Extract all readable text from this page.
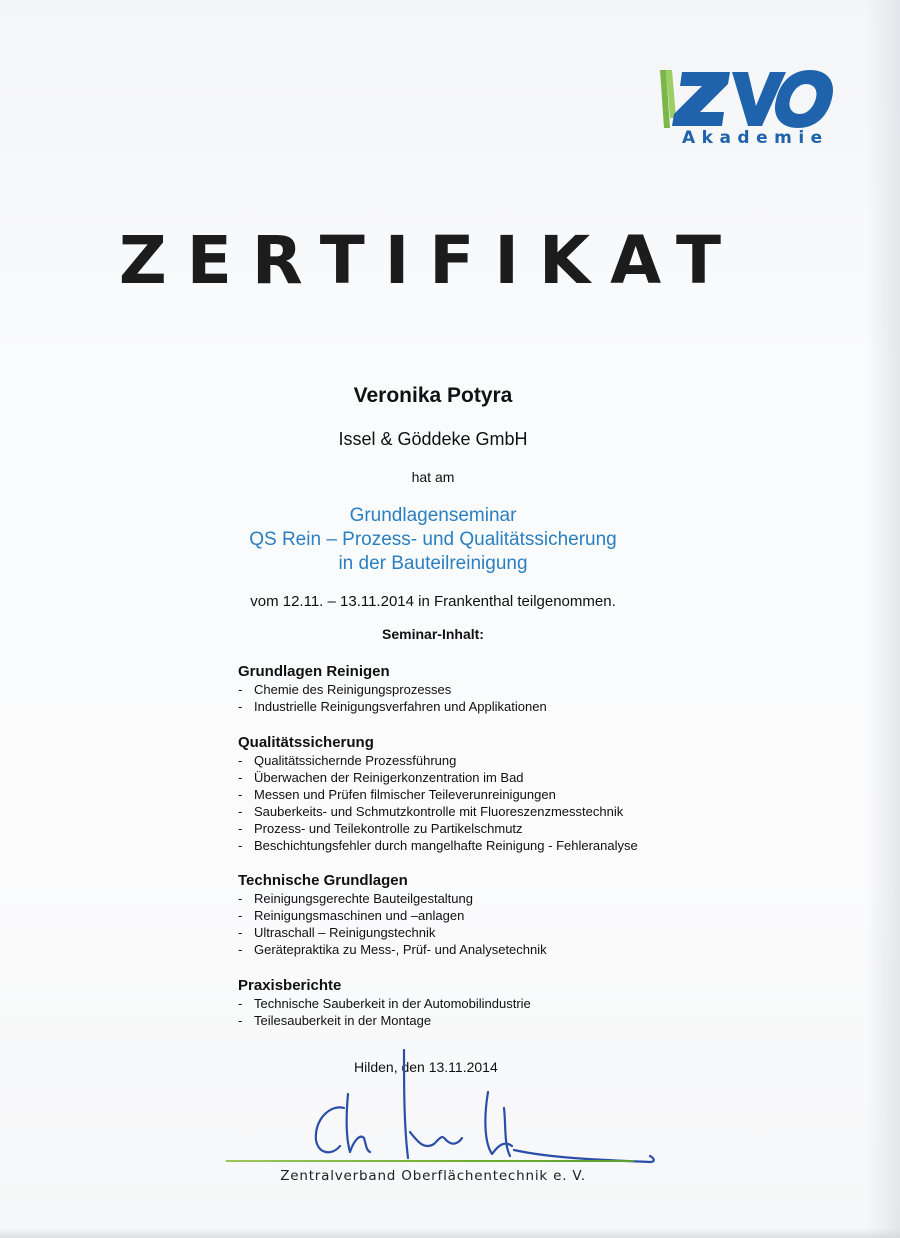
Akademie
ZERTIFIKAT
Veronika Potyra
Issel & Göddeke GmbH
hat am
Grundlagenseminar
QS Rein – Prozess- und Qualitätssicherung
in der Bauteilreinigung
vom 12.11. – 13.11.2014 in Frankenthal teilgenommen.
Seminar-Inhalt:
Grundlagen Reinigen
- Chemie des Reinigungsprozesses
- Industrielle Reinigungsverfahren und Applikationen
Qualitätssicherung
- Qualitätssichernde Prozessführung
- Überwachen der Reinigerkonzentration im Bad
- Messen und Prüfen filmischer Teileverunreinigungen
- Sauberkeits- und Schmutzkontrolle mit Fluoreszenzmesstechnik
- Prozess- und Teilekontrolle zu Partikelschmutz
- Beschichtungsfehler durch mangelhafte Reinigung - Fehleranalyse
Technische Grundlagen
- Reinigungsgerechte Bauteilgestaltung
- Reinigungsmaschinen und –anlagen
- Ultraschall – Reinigungstechnik
- Gerätepraktika zu Mess-, Prüf- und Analysetechnik
Praxisberichte
- Technische Sauberkeit in der Automobilindustrie
- Teilesauberkeit in der Montage
Hilden, den 13.11.2014
Zentralverband Oberflächentechnik e. V.
